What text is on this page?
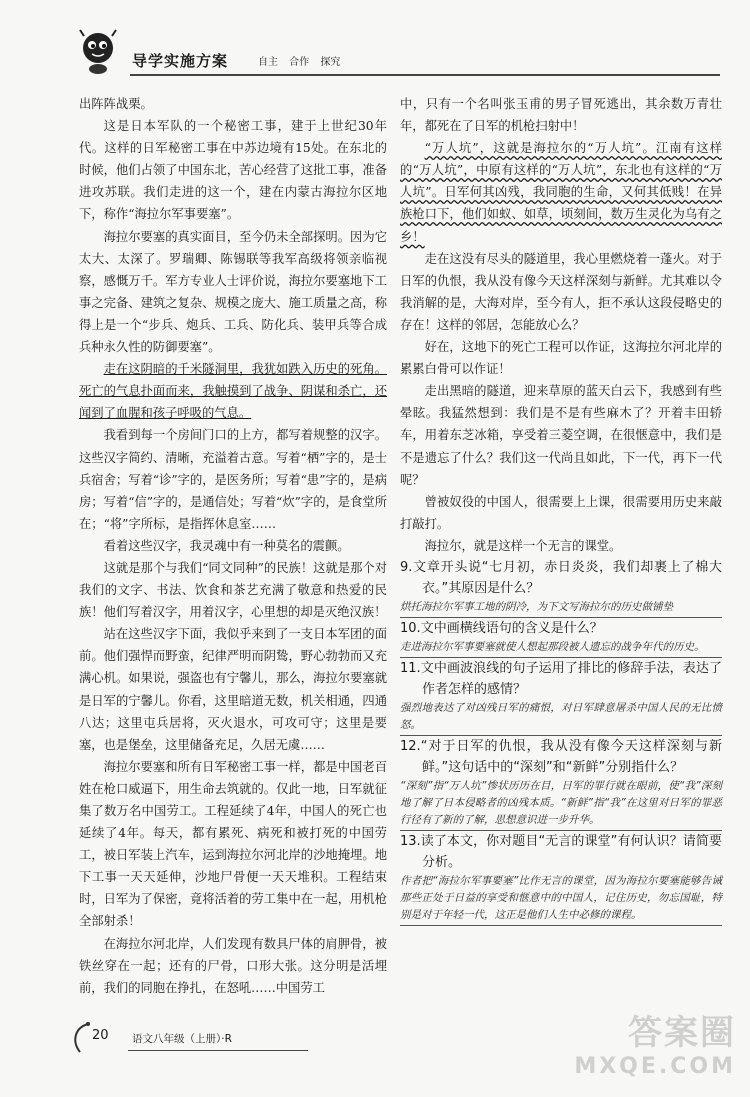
导学实施方案	自主 合作 探究

出阵阵战栗。

这是日本军队的一个秘密工事，建于上世纪30年代。这样的日军秘密工事在中苏边境有15处。在东北的时候，他们占领了中国东北，苦心经营了这批工事，准备进攻苏联。我们走进的这一个，建在内蒙古海拉尔区地下，称作“海拉尔军事要塞”。

海拉尔要塞的真实面目，至今仍未全部探明。因为它太大、太深了。罗瑞卿、陈锡联等我军高级将领亲临视察，感慨万千。军方专业人士评价说，海拉尔要塞地下工事之完备、建筑之复杂、规模之庞大、施工质量之高，称得上是一个“步兵、炮兵、工兵、防化兵、装甲兵等合成兵种永久性的防御要塞”。

走在这阴暗的千米隧洞里，我犹如跌入历史的死角。死亡的气息扑面而来，我触摸到了战争、阴谋和杀亡，还闻到了血腥和孩子呼吸的气息。

我看到每一个房间门口的上方，都写着规整的汉字。这些汉字简约、清晰，充溢着古意。写着“栖”字的，是士兵宿舍；写着“诊”字的，是医务所；写着“患”字的，是病房；写着“信”字的，是通信处；写着“炊”字的，是食堂所在；“将”字所标，是指挥休息室……

看着这些汉字，我灵魂中有一种莫名的震颤。

这就是那个与我们“同文同种”的民族！这就是那个对我们的文字、书法、饮食和茶艺充满了敬意和热爱的民族！他们写着汉字，用着汉字，心里想的却是灭绝汉族！

站在这些汉字下面，我似乎来到了一支日本军团的面前。他们强悍而野蛮，纪律严明而阴鸷，野心勃勃而又充满心机。如果说，强盗也有宁馨儿，那么，海拉尔要塞就是日军的宁馨儿。你看，这里暗道无数，机关相通，四通八达；这里屯兵居将，灭火退水，可攻可守；这里是要塞，也是堡垒，这里储备充足，久居无虞……

海拉尔要塞和所有日军秘密工事一样，都是中国老百姓在枪口威逼下，用生命去筑就的。仅此一地，日军就征集了数万名中国劳工。工程延续了4年，中国人的死亡也延续了4年。每天，都有累死、病死和被打死的中国劳工，被日军装上汽车，运到海拉尔河北岸的沙地掩埋。地下工事一天天延伸，沙地尸骨便一天天堆积。工程结束时，日军为了保密，竟将活着的劳工集中在一起，用机枪全部射杀！

在海拉尔河北岸，人们发现有数具尸体的肩胛骨，被铁丝穿在一起；还有的尸骨，口形大张。这分明是活埋前，我们的同胞在挣扎，在怒吼……中国劳工

中，只有一个名叫张玉甫的男子冒死逃出，其余数万青壮年，都死在了日军的机枪扫射中！

“万人坑”，这就是海拉尔的“万人坑”。江南有这样的“万人坑”，中原有这样的“万人坑”，东北也有这样的“万人坑”。日军何其凶残，我同胞的生命，又何其低贱！在异族枪口下，他们如蚁、如草，顷刻间，数万生灵化为乌有之乡！

走在这没有尽头的隧道里，我心里燃烧着一蓬火。对于日军的仇恨，我从没有像今天这样深刻与新鲜。尤其难以令我消解的是，大海对岸，至今有人，拒不承认这段侵略史的存在！这样的邻居，怎能放心么？

好在，这地下的死亡工程可以作证，这海拉尔河北岸的累累白骨可以作证！

走出黑暗的隧道，迎来草原的蓝天白云下，我感到有些晕眩。我猛然想到：我们是不是有些麻木了？开着丰田轿车，用着东芝冰箱，享受着三菱空调，在很惬意中，我们是不是遗忘了什么？我们这一代尚且如此，下一代，再下一代呢？

曾被奴役的中国人，很需要上上课，很需要用历史来敲打敲打。

海拉尔，就是这样一个无言的课堂。

9.文章开头说“七月初，赤日炎炎，我们却裹上了棉大衣。”其原因是什么？

烘托海拉尔军事工地的阴冷，为下文写海拉尔的历史做铺垫

10.文中画横线语句的含义是什么？

走进海拉尔军事要塞就使人想起那段被人遗忘的战争年代的历史。

11.文中画波浪线的句子运用了排比的修辞手法，表达了作者怎样的感情？

强烈地表达了对凶残日军的痛恨，对日军肆意屠杀中国人民的无比愤怒。

12.“对于日军的仇恨，我从没有像今天这样深刻与新鲜。”这句话中的“深刻”和“新鲜”分别指什么？

“深刻”指“万人坑”惨状历历在目，日军的罪行就在眼前，使“我”深刻地了解了日本侵略者的凶残本质。“新鲜”指“我”在这里对日军的罪恶行径有了新的了解，思想意识进一步升华。

13.读了本文，你对题目“无言的课堂”有何认识？请简要分析。

作者把“海拉尔军事要塞”比作无言的课堂，因为海拉尔要塞能够告诫那些正处于日益的享受和惬意中的中国人，记住历史，勿忘国耻，特别是对于年轻一代，这正是他们人生中必修的课程。

20 语文八年级（上册）·R	答案圈
MXQE.COM
